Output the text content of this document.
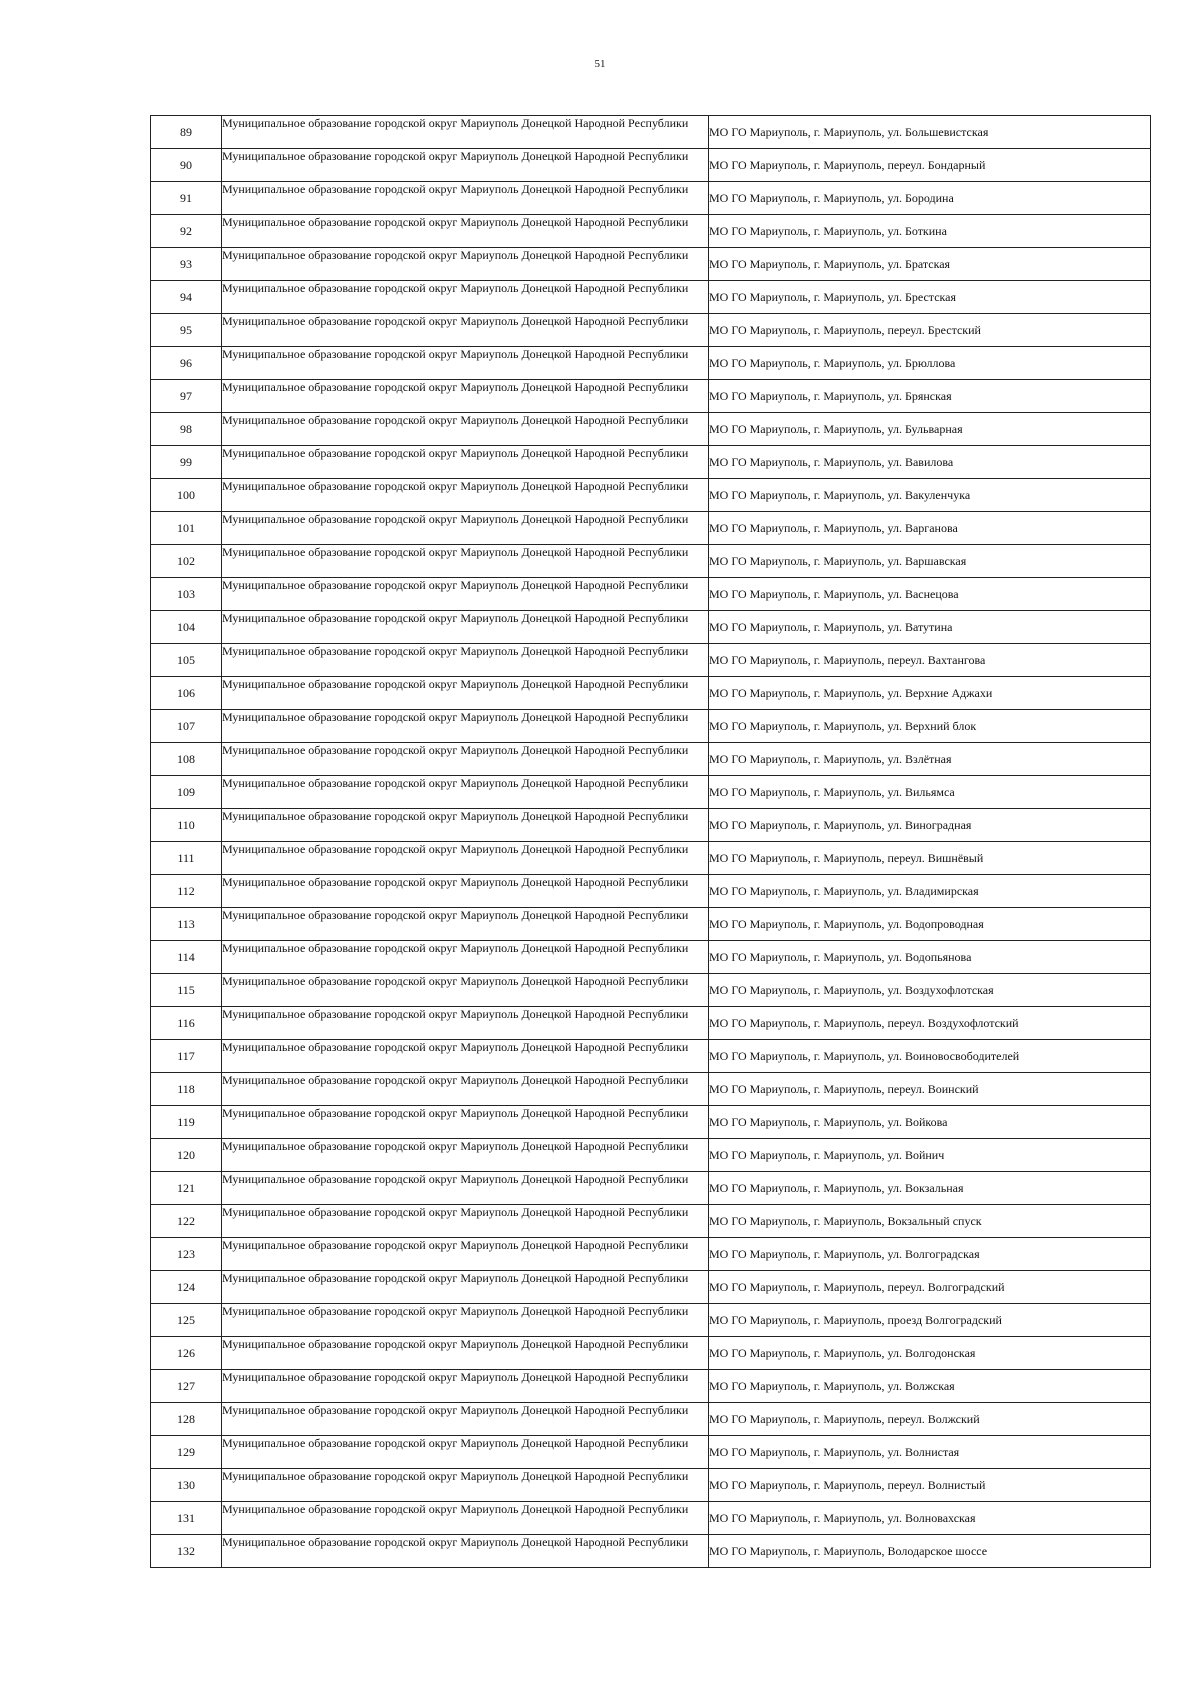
51
89	Муниципальное образование городской округ Мариуполь Донецкой Народной Республики	МО ГО Мариуполь, г. Мариуполь, ул. Большевистская
90	Муниципальное образование городской округ Мариуполь Донецкой Народной Республики	МО ГО Мариуполь, г. Мариуполь, переул. Бондарный
91	Муниципальное образование городской округ Мариуполь Донецкой Народной Республики	МО ГО Мариуполь, г. Мариуполь, ул. Бородина
92	Муниципальное образование городской округ Мариуполь Донецкой Народной Республики	МО ГО Мариуполь, г. Мариуполь, ул. Боткина
93	Муниципальное образование городской округ Мариуполь Донецкой Народной Республики	МО ГО Мариуполь, г. Мариуполь, ул. Братская
94	Муниципальное образование городской округ Мариуполь Донецкой Народной Республики	МО ГО Мариуполь, г. Мариуполь, ул. Брестская
95	Муниципальное образование городской округ Мариуполь Донецкой Народной Республики	МО ГО Мариуполь, г. Мариуполь, переул. Брестский
96	Муниципальное образование городской округ Мариуполь Донецкой Народной Республики	МО ГО Мариуполь, г. Мариуполь, ул. Брюллова
97	Муниципальное образование городской округ Мариуполь Донецкой Народной Республики	МО ГО Мариуполь, г. Мариуполь, ул. Брянская
98	Муниципальное образование городской округ Мариуполь Донецкой Народной Республики	МО ГО Мариуполь, г. Мариуполь, ул. Бульварная
99	Муниципальное образование городской округ Мариуполь Донецкой Народной Республики	МО ГО Мариуполь, г. Мариуполь, ул. Вавилова
100	Муниципальное образование городской округ Мариуполь Донецкой Народной Республики	МО ГО Мариуполь, г. Мариуполь, ул. Вакуленчука
101	Муниципальное образование городской округ Мариуполь Донецкой Народной Республики	МО ГО Мариуполь, г. Мариуполь, ул. Варганова
102	Муниципальное образование городской округ Мариуполь Донецкой Народной Республики	МО ГО Мариуполь, г. Мариуполь, ул. Варшавская
103	Муниципальное образование городской округ Мариуполь Донецкой Народной Республики	МО ГО Мариуполь, г. Мариуполь, ул. Васнецова
104	Муниципальное образование городской округ Мариуполь Донецкой Народной Республики	МО ГО Мариуполь, г. Мариуполь, ул. Ватутина
105	Муниципальное образование городской округ Мариуполь Донецкой Народной Республики	МО ГО Мариуполь, г. Мариуполь, переул. Вахтангова
106	Муниципальное образование городской округ Мариуполь Донецкой Народной Республики	МО ГО Мариуполь, г. Мариуполь, ул. Верхние Аджахи
107	Муниципальное образование городской округ Мариуполь Донецкой Народной Республики	МО ГО Мариуполь, г. Мариуполь, ул. Верхний блок
108	Муниципальное образование городской округ Мариуполь Донецкой Народной Республики	МО ГО Мариуполь, г. Мариуполь, ул. Взлётная
109	Муниципальное образование городской округ Мариуполь Донецкой Народной Республики	МО ГО Мариуполь, г. Мариуполь, ул. Вильямса
110	Муниципальное образование городской округ Мариуполь Донецкой Народной Республики	МО ГО Мариуполь, г. Мариуполь, ул. Виноградная
111	Муниципальное образование городской округ Мариуполь Донецкой Народной Республики	МО ГО Мариуполь, г. Мариуполь, переул. Вишнёвый
112	Муниципальное образование городской округ Мариуполь Донецкой Народной Республики	МО ГО Мариуполь, г. Мариуполь, ул. Владимирская
113	Муниципальное образование городской округ Мариуполь Донецкой Народной Республики	МО ГО Мариуполь, г. Мариуполь, ул. Водопроводная
114	Муниципальное образование городской округ Мариуполь Донецкой Народной Республики	МО ГО Мариуполь, г. Мариуполь, ул. Водопьянова
115	Муниципальное образование городской округ Мариуполь Донецкой Народной Республики	МО ГО Мариуполь, г. Мариуполь, ул. Воздухофлотская
116	Муниципальное образование городской округ Мариуполь Донецкой Народной Республики	МО ГО Мариуполь, г. Мариуполь, переул. Воздухофлотский
117	Муниципальное образование городской округ Мариуполь Донецкой Народной Республики	МО ГО Мариуполь, г. Мариуполь, ул. Воиновосвободителей
118	Муниципальное образование городской округ Мариуполь Донецкой Народной Республики	МО ГО Мариуполь, г. Мариуполь, переул. Воинский
119	Муниципальное образование городской округ Мариуполь Донецкой Народной Республики	МО ГО Мариуполь, г. Мариуполь, ул. Войкова
120	Муниципальное образование городской округ Мариуполь Донецкой Народной Республики	МО ГО Мариуполь, г. Мариуполь, ул. Войнич
121	Муниципальное образование городской округ Мариуполь Донецкой Народной Республики	МО ГО Мариуполь, г. Мариуполь, ул. Вокзальная
122	Муниципальное образование городской округ Мариуполь Донецкой Народной Республики	МО ГО Мариуполь, г. Мариуполь, Вокзальный спуск
123	Муниципальное образование городской округ Мариуполь Донецкой Народной Республики	МО ГО Мариуполь, г. Мариуполь, ул. Волгоградская
124	Муниципальное образование городской округ Мариуполь Донецкой Народной Республики	МО ГО Мариуполь, г. Мариуполь, переул. Волгоградский
125	Муниципальное образование городской округ Мариуполь Донецкой Народной Республики	МО ГО Мариуполь, г. Мариуполь, проезд Волгоградский
126	Муниципальное образование городской округ Мариуполь Донецкой Народной Республики	МО ГО Мариуполь, г. Мариуполь, ул. Волгодонская
127	Муниципальное образование городской округ Мариуполь Донецкой Народной Республики	МО ГО Мариуполь, г. Мариуполь, ул. Волжская
128	Муниципальное образование городской округ Мариуполь Донецкой Народной Республики	МО ГО Мариуполь, г. Мариуполь, переул. Волжский
129	Муниципальное образование городской округ Мариуполь Донецкой Народной Республики	МО ГО Мариуполь, г. Мариуполь, ул. Волнистая
130	Муниципальное образование городской округ Мариуполь Донецкой Народной Республики	МО ГО Мариуполь, г. Мариуполь, переул. Волнистый
131	Муниципальное образование городской округ Мариуполь Донецкой Народной Республики	МО ГО Мариуполь, г. Мариуполь, ул. Волновахская
132	Муниципальное образование городской округ Мариуполь Донецкой Народной Республики	МО ГО Мариуполь, г. Мариуполь, Володарское шоссе
